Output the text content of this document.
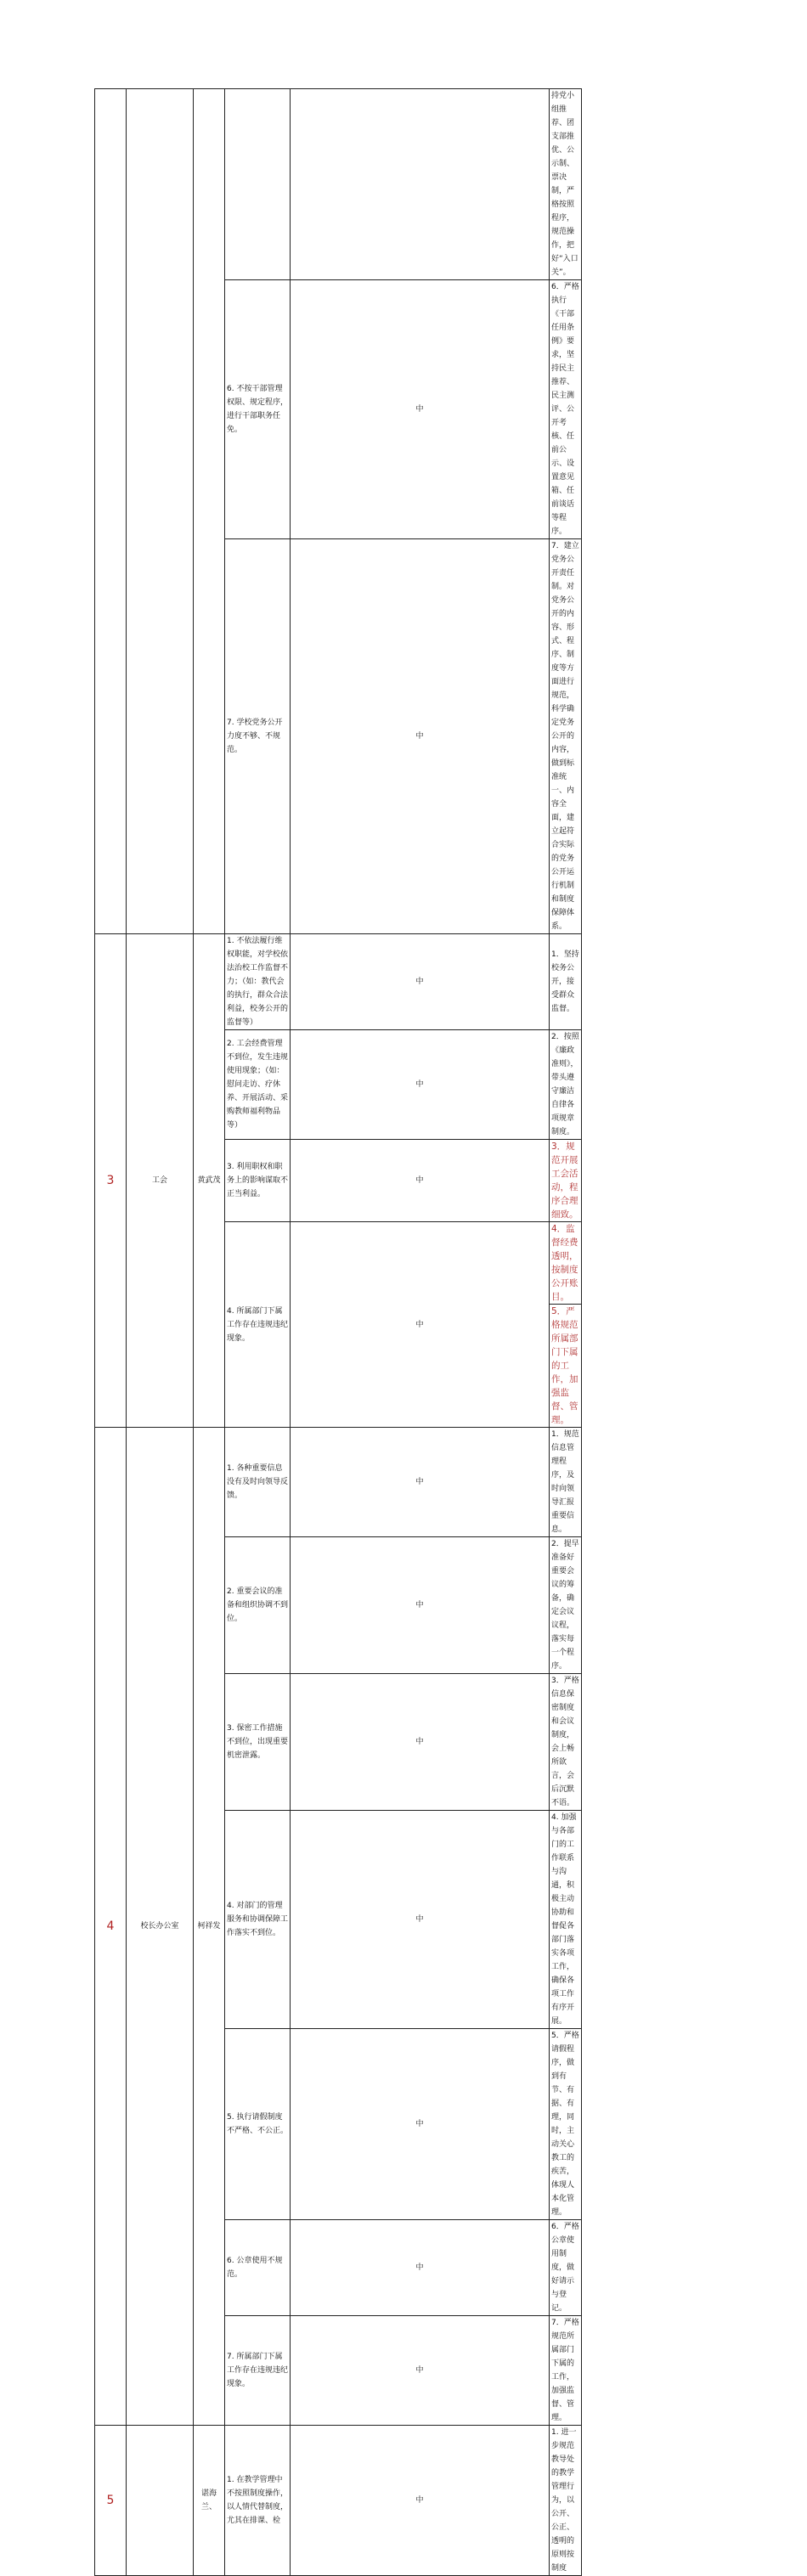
					持党小组推荐、团支部推优、公示制、票决制，严格按照程序，规范操作，把好“入口关”。
			6. 不按干部管理权限、规定程序，进行干部职务任免。	中	6．严格执行《干部任用条例》要求，坚持民主推荐、民主测评、公开考核、任前公示、设置意见箱、任前谈话等程序。
			7. 学校党务公开力度不够、不规范。	中	7．建立党务公开责任制。对党务公开的内容、形式、程序、制度等方面进行规范，科学确定党务公开的内容，做到标准统一、内容全面，建立起符合实际的党务公开运行机制和制度保障体系。
3	工会	黄武茂	1. 不依法履行维权职能，对学校依法治校工作监督不力；（如：教代会的执行，群众合法利益，校务公开的监督等）	中	1．坚持校务公开，接受群众监督。
			2. 工会经费管理不到位，发生违规使用现象；（如：慰问走访、疗休养、开展活动、采购教师福利物品等）	中	2．按照《廉政准则》，带头遵守廉洁自律各项规章制度。
			3. 利用职权和职务上的影响谋取不正当利益。	中	3．规范开展工会活动，程序合理细致。
			4. 所属部门下属工作存在违规违纪现象。	中	4．监督经费透明，按制度公开账目。
					5．严格规范所属部门下属的工作，加强监督、管理。
4	校长办公室	柯祥发	1. 各种重要信息没有及时向领导反馈。	中	1．规范信息管理程序，及时向领导汇报重要信息。
			2. 重要会议的准备和组织协调不到位。	中	2．提早准备好重要会议的筹备，确定会议议程，落实每一个程序。
			3. 保密工作措施不到位，出现重要机密泄露。	中	3．严格信息保密制度和会议制度，会上畅所欲言，会后沉默不语。
			4. 对部门的管理服务和协调保障工作落实不到位。	中	4. 加强与各部门的工作联系与沟通，积极主动协助和督促各部门落实各项工作，确保各项工作有序开展。
			5. 执行请假制度不严格、不公正。	中	5．严格请假程序，做到有节、有据、有理，同时，主动关心教工的疾苦，体现人本化管理。
			6. 公章使用不规范。	中	6．严格公章使用制度，做好请示与登记。
			7. 所属部门下属工作存在违规违纪现象。	中	7．严格规范所属部门下属的工作，加强监督、管理。
5		谌海兰、	1. 在教学管理中不按照制度操作，以人情代替制度，尤其在排课、检	中	1. 进一步规范教导处的教学管理行为，以公开、公正、透明的原则按制度
